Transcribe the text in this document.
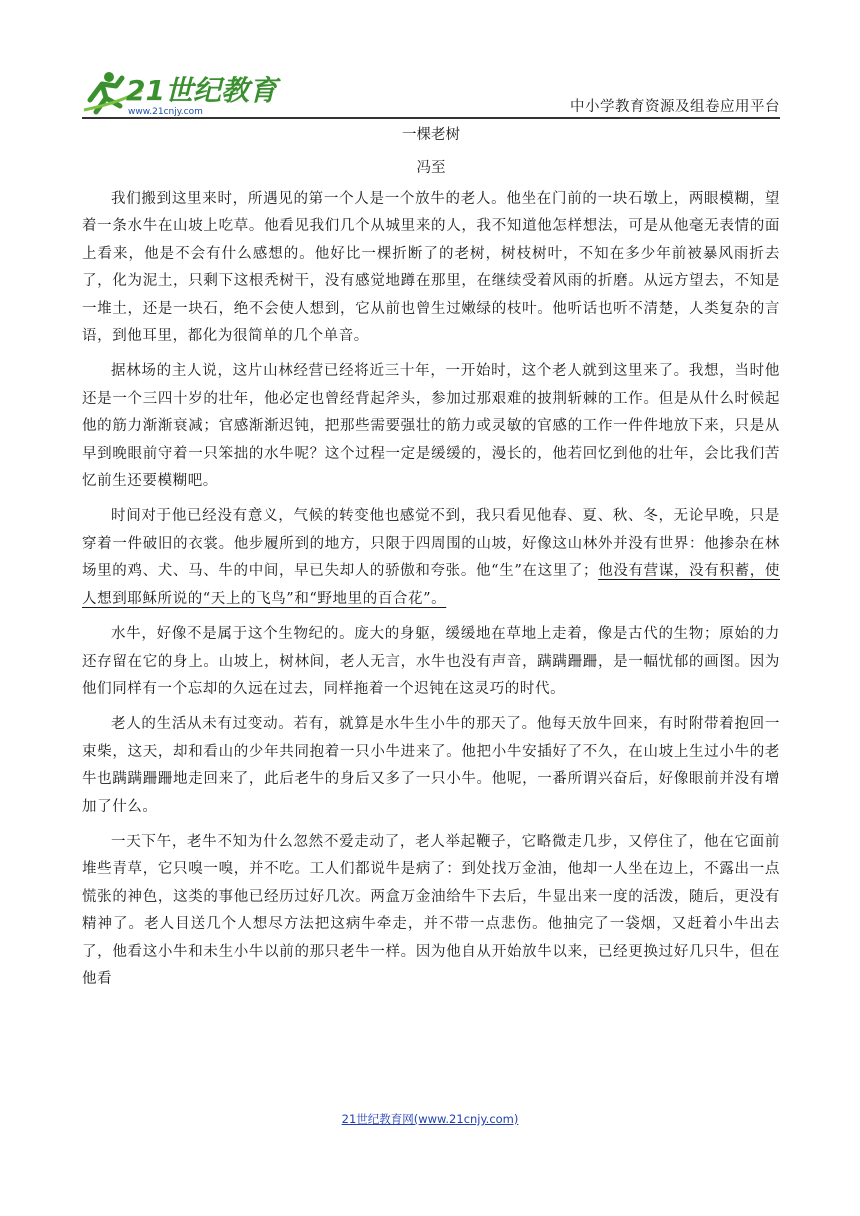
21世纪教育
www.21cnjy.com	中小学教育资源及组卷应用平台

一棵老树

冯至

我们搬到这里来时，所遇见的第一个人是一个放牛的老人。他坐在门前的一块石墩上，两眼模糊，望着一条水牛在山坡上吃草。他看见我们几个从城里来的人，我不知道他怎样想法，可是从他毫无表情的面上看来，他是不会有什么感想的。他好比一棵折断了的老树，树枝树叶，不知在多少年前被暴风雨折去了，化为泥土，只剩下这根秃树干，没有感觉地蹲在那里，在继续受着风雨的折磨。从远方望去，不知是一堆土，还是一块石，绝不会使人想到，它从前也曾生过嫩绿的枝叶。他听话也听不清楚，人类复杂的言语，到他耳里，都化为很简单的几个单音。

据林场的主人说，这片山林经营已经将近三十年，一开始时，这个老人就到这里来了。我想，当时他还是一个三四十岁的壮年，他必定也曾经背起斧头，参加过那艰难的披荆斩棘的工作。但是从什么时候起他的筋力渐渐衰减；官感渐渐迟钝，把那些需要强壮的筋力或灵敏的官感的工作一件件地放下来，只是从早到晚眼前守着一只笨拙的水牛呢？这个过程一定是缓缓的，漫长的，他若回忆到他的壮年，会比我们苦忆前生还要模糊吧。

时间对于他已经没有意义，气候的转变他也感觉不到，我只看见他春、夏、秋、冬，无论早晚，只是穿着一件破旧的衣裳。他步履所到的地方，只限于四周围的山坡，好像这山林外并没有世界：他掺杂在林场里的鸡、犬、马、牛的中间，早已失却人的骄傲和夸张。他“生”在这里了；他没有营谋，没有积蓄，使人想到耶稣所说的“天上的飞鸟”和“野地里的百合花”。

水牛，好像不是属于这个生物纪的。庞大的身躯，缓缓地在草地上走着，像是古代的生物；原始的力还存留在它的身上。山坡上，树林间，老人无言，水牛也没有声音，蹒蹒跚跚，是一幅忧郁的画图。因为他们同样有一个忘却的久远在过去，同样拖着一个迟钝在这灵巧的时代。

老人的生活从未有过变动。若有，就算是水牛生小牛的那天了。他每天放牛回来，有时附带着抱回一束柴，这天，却和看山的少年共同抱着一只小牛进来了。他把小牛安插好了不久，在山坡上生过小牛的老牛也蹒蹒跚跚地走回来了，此后老牛的身后又多了一只小牛。他呢，一番所谓兴奋后，好像眼前并没有增加了什么。

一天下午，老牛不知为什么忽然不爱走动了，老人举起鞭子，它略微走几步，又停住了，他在它面前堆些青草，它只嗅一嗅，并不吃。工人们都说牛是病了：到处找万金油，他却一人坐在边上，不露出一点慌张的神色，这类的事他已经历过好几次。两盒万金油给牛下去后，牛显出来一度的活泼，随后，更没有精神了。老人目送几个人想尽方法把这病牛牵走，并不带一点悲伤。他抽完了一袋烟，又赶着小牛出去了，他看这小牛和未生小牛以前的那只老牛一样。因为他自从开始放牛以来，已经更换过好几只牛，但在他看

21世纪教育网(www.21cnjy.com)
